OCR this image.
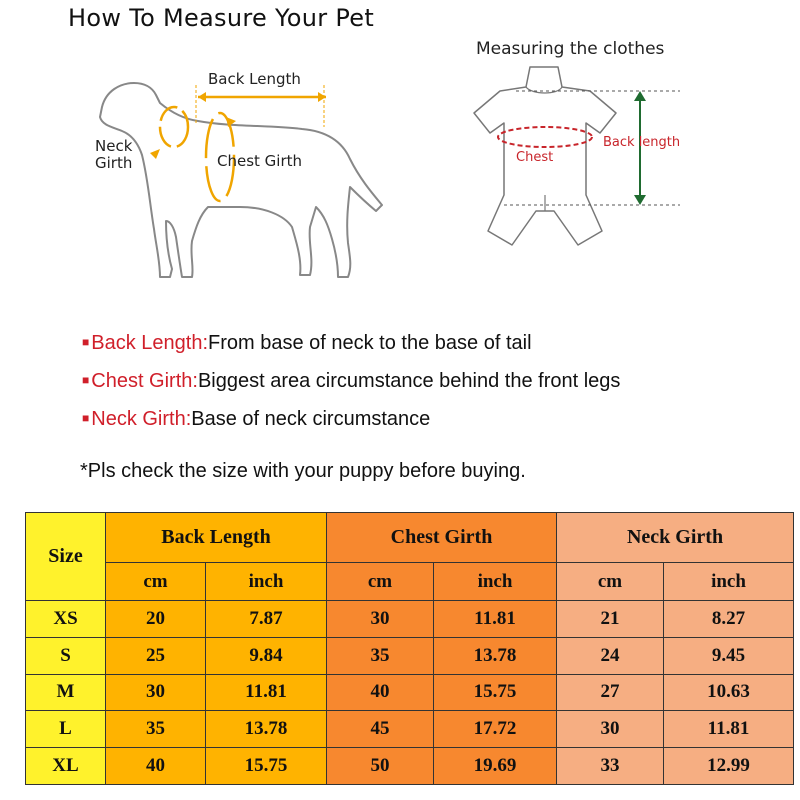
How To Measure Your Pet
Back Length
Neck Girth	Chest Girth
Measuring the clothes
Chest
Back length
■ Back Length:From base of neck to the base of tail
■ Chest Girth:Biggest area circumstance behind the front legs
■ Neck Girth:Base of neck circumstance
*Pls check the size with your puppy before buying.
Size	Back Length		Chest Girth		Neck Girth	
	cm	inch	cm	inch	cm	inch
XS	20	7.87	30	11.81	21	8.27
S	25	9.84	35	13.78	24	9.45
M	30	11.81	40	15.75	27	10.63
L	35	13.78	45	17.72	30	11.81
XL	40	15.75	50	19.69	33	12.99
